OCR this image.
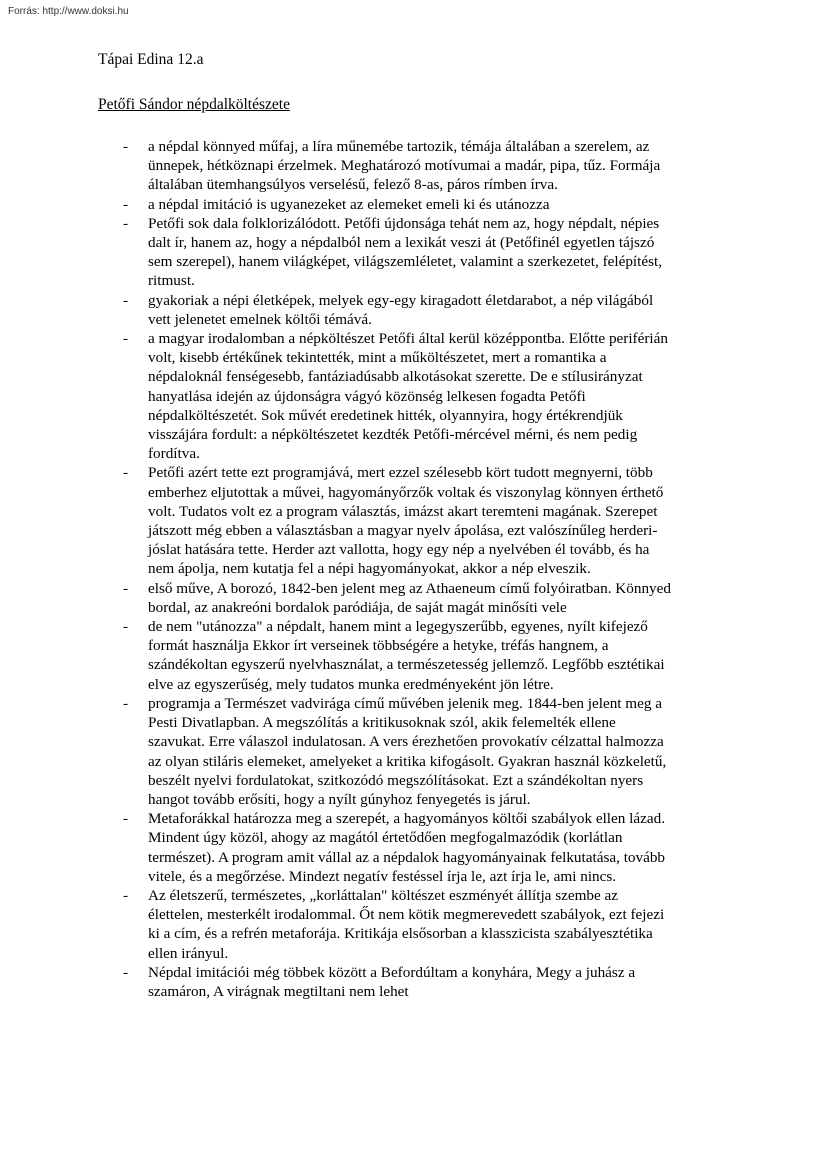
Forrás: http://www.doksi.hu
Tápai Edina 12.a
Petőfi Sándor népdalköltészete
- a népdal könnyed műfaj, a líra műnemébe tartozik, témája általában a szerelem, az
ünnepek, hétköznapi érzelmek. Meghatározó motívumai a madár, pipa, tűz. Formája
általában ütemhangsúlyos verselésű, felező 8-as, páros rímben írva.
- a népdal imitáció is ugyanezeket az elemeket emeli ki és utánozza
- Petőfi sok dala folklorizálódott. Petőfi újdonsága tehát nem az, hogy népdalt, népies
dalt ír, hanem az, hogy a népdalból nem a lexikát veszi át (Petőfinél egyetlen tájszó
sem szerepel), hanem világképet, világszemléletet, valamint a szerkezetet, felépítést,
ritmust.
- gyakoriak a népi életképek, melyek egy-egy kiragadott életdarabot, a nép világából
vett jelenetet emelnek költői témává.
- a magyar irodalomban a népköltészet Petőfi által kerül középpontba. Előtte periférián
volt, kisebb értékűnek tekintették, mint a műköltészetet, mert a romantika a
népdaloknál fenségesebb, fantáziadúsabb alkotásokat szerette. De e stílusirányzat
hanyatlása idején az újdonságra vágyó közönség lelkesen fogadta Petőfi
népdalköltészetét. Sok művét eredetinek hitték, olyannyira, hogy értékrendjük
visszájára fordult: a népköltészetet kezdték Petőfi-mércével mérni, és nem pedig
fordítva.
- Petőfi azért tette ezt programjává, mert ezzel szélesebb kört tudott megnyerni, több
emberhez eljutottak a művei, hagyományőrzők voltak és viszonylag könnyen érthető
volt. Tudatos volt ez a program választás, imázst akart teremteni magának. Szerepet
játszott még ebben a választásban a magyar nyelv ápolása, ezt valószínűleg herderi-
jóslat hatására tette. Herder azt vallotta, hogy egy nép a nyelvében él tovább, és ha
nem ápolja, nem kutatja fel a népi hagyományokat, akkor a nép elveszik.
- első műve, A borozó, 1842-ben jelent meg az Athaeneum című folyóiratban. Könnyed
bordal, az anakreóni bordalok paródiája, de saját magát minősíti vele
- de nem "utánozza" a népdalt, hanem mint a legegyszerűbb, egyenes, nyílt kifejező
formát használja Ekkor írt verseinek többségére a hetyke, tréfás hangnem, a
szándékoltan egyszerű nyelvhasználat, a természetesség jellemző. Legfőbb esztétikai
elve az egyszerűség, mely tudatos munka eredményeként jön létre.
- programja a Természet vadvirága című művében jelenik meg. 1844-ben jelent meg a
Pesti Divatlapban. A megszólítás a kritikusoknak szól, akik felemelték ellene
szavukat. Erre válaszol indulatosan. A vers érezhetően provokatív célzattal halmozza
az olyan stiláris elemeket, amelyeket a kritika kifogásolt. Gyakran használ közkeletű,
beszélt nyelvi fordulatokat, szitkozódó megszólításokat. Ezt a szándékoltan nyers
hangot tovább erősíti, hogy a nyílt gúnyhoz fenyegetés is járul.
- Metaforákkal határozza meg a szerepét, a hagyományos költői szabályok ellen lázad.
Mindent úgy közöl, ahogy az magától értetődően megfogalmazódik (korlátlan
természet). A program amit vállal az a népdalok hagyományainak felkutatása, tovább
vitele, és a megőrzése. Mindezt negatív festéssel írja le, azt írja le, ami nincs.
- Az életszerű, természetes, „korláttalan" költészet eszményét állítja szembe az
élettelen, mesterkélt irodalommal. Őt nem kötik megmerevedett szabályok, ezt fejezi
ki a cím, és a refrén metaforája. Kritikája elsősorban a klasszicista szabályesztétika
ellen irányul.
- Népdal imitációi még többek között a Befordúltam a konyhára, Megy a juhász a
szamáron, A virágnak megtiltani nem lehet
